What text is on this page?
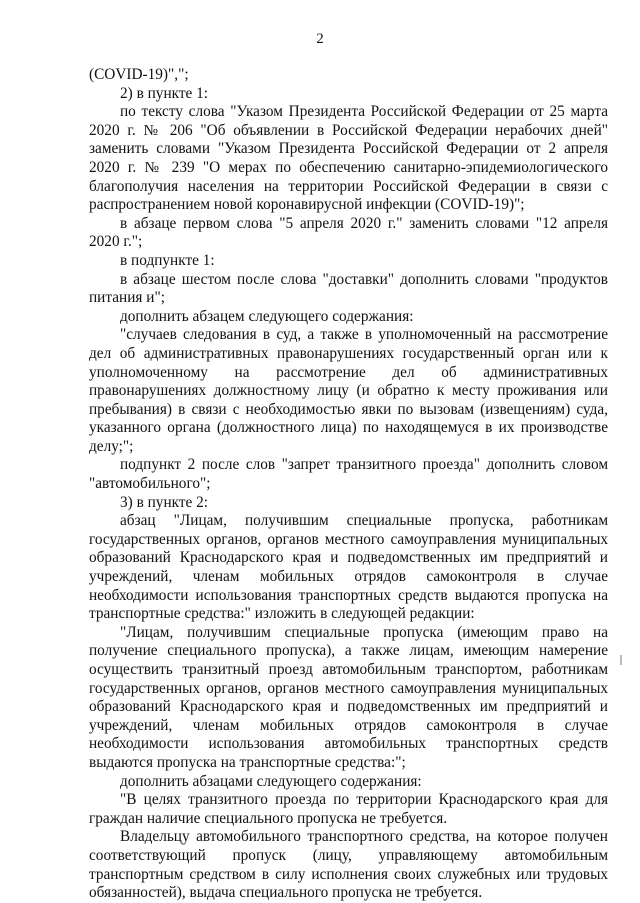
2

(COVID-19)",";

2) в пункте 1:

по тексту слова "Указом Президента Российской Федерации от 25 марта 2020 г. № 206 "Об объявлении в Российской Федерации нерабочих дней" заменить словами "Указом Президента Российской Федерации от 2 апреля 2020 г. № 239 "О мерах по обеспечению санитарно-эпидемиологического благополучия населения на территории Российской Федерации в связи с распространением новой коронавирусной инфекции (COVID-19)";

в абзаце первом слова "5 апреля 2020 г." заменить словами "12 апреля 2020 г.";

в подпункте 1:

в абзаце шестом после слова "доставки" дополнить словами "продуктов питания и";

дополнить абзацем следующего содержания:

"случаев следования в суд, а также в уполномоченный на рассмотрение дел об административных правонарушениях государственный орган или к уполномоченному на рассмотрение дел об административных правонарушениях должностному лицу (и обратно к месту проживания или пребывания) в связи с необходимостью явки по вызовам (извещениям) суда, указанного органа (должностного лица) по находящемуся в их производстве делу;";

подпункт 2 после слов "запрет транзитного проезда" дополнить словом "автомобильного";

3) в пункте 2:

абзац "Лицам, получившим специальные пропуска, работникам государственных органов, органов местного самоуправления муниципальных образований Краснодарского края и подведомственных им предприятий и учреждений, членам мобильных отрядов самоконтроля в случае необходимости использования транспортных средств выдаются пропуска на транспортные средства:" изложить в следующей редакции:

"Лицам, получившим специальные пропуска (имеющим право на получение специального пропуска), а также лицам, имеющим намерение осуществить транзитный проезд автомобильным транспортом, работникам государственных органов, органов местного самоуправления муниципальных образований Краснодарского края и подведомственных им предприятий и учреждений, членам мобильных отрядов самоконтроля в случае необходимости использования автомобильных транспортных средств выдаются пропуска на транспортные средства:";

дополнить абзацами следующего содержания:

"В целях транзитного проезда по территории Краснодарского края для граждан наличие специального пропуска не требуется.

Владельцу автомобильного транспортного средства, на которое получен соответствующий пропуск (лицу, управляющему автомобильным транспортным средством в силу исполнения своих служебных или трудовых обязанностей), выдача специального пропуска не требуется.
